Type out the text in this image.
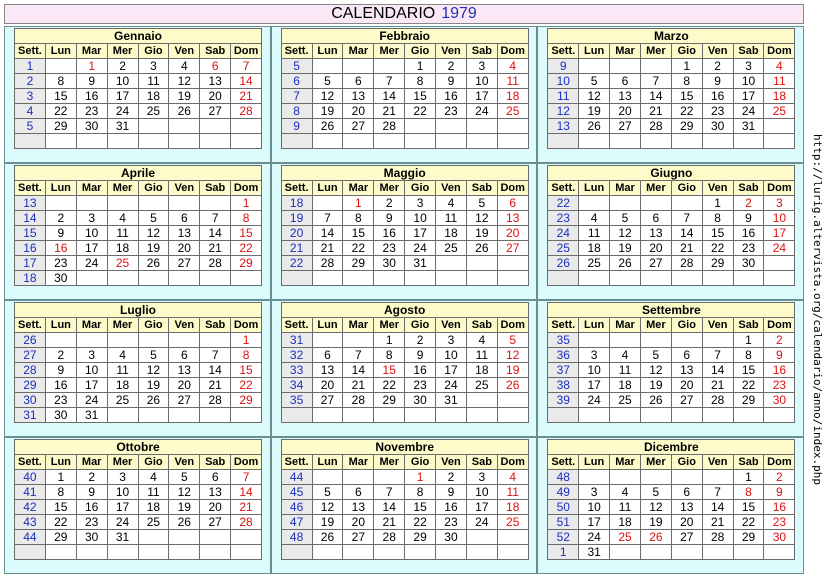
CALENDARIO 1979
Gennaio							
Sett.	Lun	Mar	Mer	Gio	Ven	Sab	Dom
1		1	2	3	4	6	7
2	8	9	10	11	12	13	14
3	15	16	17	18	19	20	21
4	22	23	24	25	26	27	28
5	29	30	31				

Febbraio							
Sett.	Lun	Mar	Mer	Gio	Ven	Sab	Dom
5				1	2	3	4
6	5	6	7	8	9	10	11
7	12	13	14	15	16	17	18
8	19	20	21	22	23	24	25
9	26	27	28				

Marzo							
Sett.	Lun	Mar	Mer	Gio	Ven	Sab	Dom
9				1	2	3	4
10	5	6	7	8	9	10	11
11	12	13	14	15	16	17	18
12	19	20	21	22	23	24	25
13	26	27	28	29	30	31	

Aprile							
Sett.	Lun	Mar	Mer	Gio	Ven	Sab	Dom
13							1
14	2	3	4	5	6	7	8
15	9	10	11	12	13	14	15
16	16	17	18	19	20	21	22
17	23	24	25	26	27	28	29
18	30						
Maggio							
Sett.	Lun	Mar	Mer	Gio	Ven	Sab	Dom
18		1	2	3	4	5	6
19	7	8	9	10	11	12	13
20	14	15	16	17	18	19	20
21	21	22	23	24	25	26	27
22	28	29	30	31			

Giugno							
Sett.	Lun	Mar	Mer	Gio	Ven	Sab	Dom
22					1	2	3
23	4	5	6	7	8	9	10
24	11	12	13	14	15	16	17
25	18	19	20	21	22	23	24
26	25	26	27	28	29	30	

Luglio							
Sett.	Lun	Mar	Mer	Gio	Ven	Sab	Dom
26							1
27	2	3	4	5	6	7	8
28	9	10	11	12	13	14	15
29	16	17	18	19	20	21	22
30	23	24	25	26	27	28	29
31	30	31					
Agosto							
Sett.	Lun	Mar	Mer	Gio	Ven	Sab	Dom
31			1	2	3	4	5
32	6	7	8	9	10	11	12
33	13	14	15	16	17	18	19
34	20	21	22	23	24	25	26
35	27	28	29	30	31		

Settembre							
Sett.	Lun	Mar	Mer	Gio	Ven	Sab	Dom
35						1	2
36	3	4	5	6	7	8	9
37	10	11	12	13	14	15	16
38	17	18	19	20	21	22	23
39	24	25	26	27	28	29	30

Ottobre							
Sett.	Lun	Mar	Mer	Gio	Ven	Sab	Dom
40	1	2	3	4	5	6	7
41	8	9	10	11	12	13	14
42	15	16	17	18	19	20	21
43	22	23	24	25	26	27	28
44	29	30	31				

Novembre							
Sett.	Lun	Mar	Mer	Gio	Ven	Sab	Dom
44				1	2	3	4
45	5	6	7	8	9	10	11
46	12	13	14	15	16	17	18
47	19	20	21	22	23	24	25
48	26	27	28	29	30		

Dicembre							
Sett.	Lun	Mar	Mer	Gio	Ven	Sab	Dom
48						1	2
49	3	4	5	6	7	8	9
50	10	11	12	13	14	15	16
51	17	18	19	20	21	22	23
52	24	25	26	27	28	29	30
1	31						
http://lurig.altervista.org/calendario/anno/index.php
